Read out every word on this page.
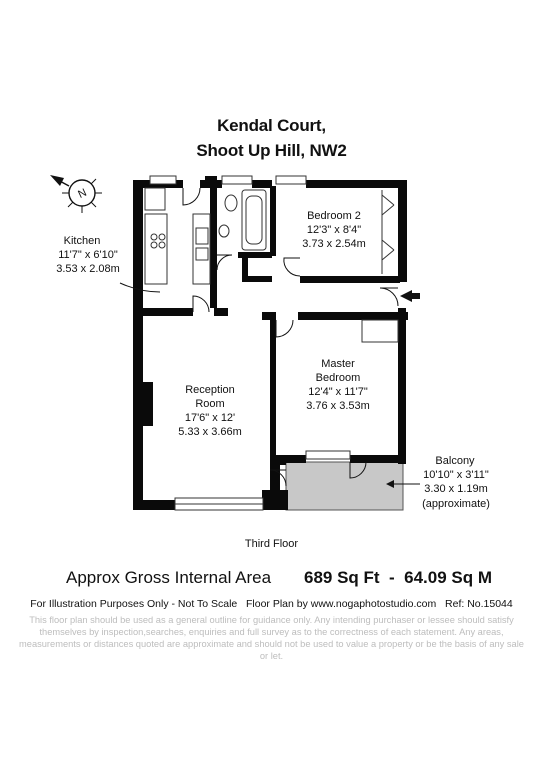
Kendal Court,
Shoot Up Hill, NW2
N
Kitchen
11'7" x 6'10"
3.53 x 2.08m
Bedroom 2
12'3" x 8'4"
3.73 x 2.54m
Reception
Room
17'6" x 12'
5.33 x 3.66m
Master
Bedroom
12'4" x 11'7"
3.76 x 3.53m
Balcony
10'10" x 3'11"
3.30 x 1.19m
(approximate)
Third Floor
Approx Gross Internal Area 689 Sq Ft  -  64.09 Sq M
For Illustration Purposes Only - Not To Scale   Floor Plan by www.nogaphotostudio.com   Ref: No.15044
This floor plan should be used as a general outline for guidance only. Any intending purchaser or lessee should satisfy themselves by inspection,searches, enquiries and full survey as to the correctness of each statement. Any areas, measurements or distances quoted are approximate and should not be used to value a property or be the basis of any sale or let.
